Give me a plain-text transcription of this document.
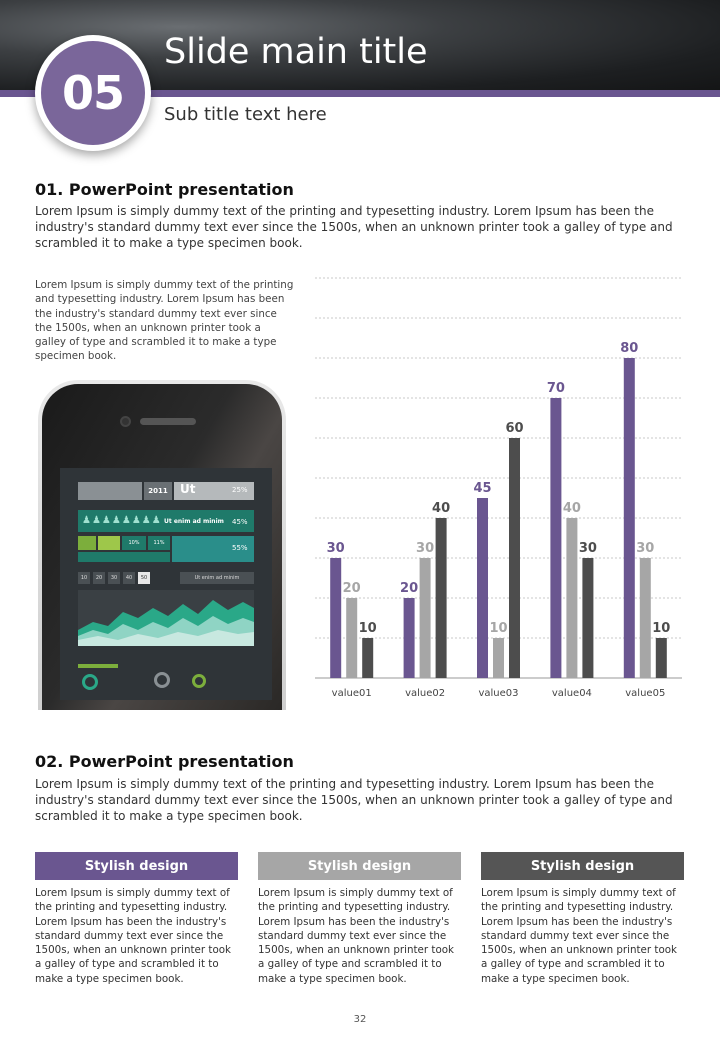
05
Slide main title
Sub title text here
01. PowerPoint presentation
Lorem Ipsum is simply dummy text of the printing and typesetting industry. Lorem Ipsum has been the industry's standard dummy text ever since the 1500s, when an unknown printer took a galley of type and scrambled it to make a type specimen book.
Lorem Ipsum is simply dummy text of the printing and typesetting industry. Lorem Ipsum has been the industry's standard dummy text ever since the 1500s, when an unknown printer took a galley of type and scrambled it to make a type specimen book.
2011	Ut	25%
♟♟♟♟♟♟♟♟ Ut enim ad minim 45%
10%	11%
55%
10	20	30	40	50	Ut enim ad minim
30
20
10
value01
20
30
40
value02
45
10
60
value03
70
40
30
value04
80
30
10
value05
02. PowerPoint presentation
Lorem Ipsum is simply dummy text of the printing and typesetting industry. Lorem Ipsum has been the industry's standard dummy text ever since the 1500s, when an unknown printer took a galley of type and scrambled it to make a type specimen book.
Stylish design	Stylish design	Stylish design
Lorem Ipsum is simply dummy text of the printing and typesetting industry. Lorem Ipsum has been the industry's standard dummy text ever since the 1500s, when an unknown printer took a galley of type and scrambled it to make a type specimen book.
Lorem Ipsum is simply dummy text of the printing and typesetting industry. Lorem Ipsum has been the industry's standard dummy text ever since the 1500s, when an unknown printer took a galley of type and scrambled it to make a type specimen book.
Lorem Ipsum is simply dummy text of the printing and typesetting industry. Lorem Ipsum has been the industry's standard dummy text ever since the 1500s, when an unknown printer took a galley of type and scrambled it to make a type specimen book.
32
